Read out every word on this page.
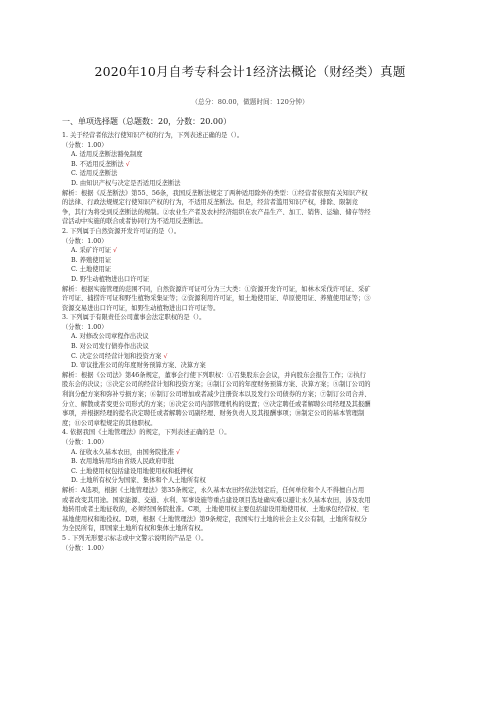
2020年10月自考专科会计1经济法概论（财经类）真题
（总分：80.00，做题时间：120分钟）
一、单项选择题（总题数：20，分数：20.00）
1. 关于经营者依法行使知识产权的行为，下列表述正确的是（）。
（分数：1.00）
A. 适用反垄断法豁免制度
B. 不适用反垄断法 √
C. 适用反垄断法
D. 由知识产权与决定是否适用反垄断法
解析：根据《反垄断法》第55、56条，我国反垄断法规定了两种适用除外的类型：①经营者依照有关知识产权
的法律、行政法规规定行使知识产权的行为，不适用反垄断法。但是，经营者滥用知识产权，排除、限制竞
争，其行为将受到反垄断法的规制。②农业生产者及农村经济组织在农产品生产、加工、销售、运输、储存等经
营活动中实施的联合或者协同行为不适用反垄断法。
2. 下列属于自然资源开发许可证的是（）。
（分数：1.00）
A. 采矿许可证 √
B. 养殖使用证
C. 土地使用证
D. 野生动植物进出口许可证
解析：根据实施管理的范围不同，自然资源许可证可分为三大类：①资源开发许可证，如林木采伐许可证、采矿
许可证、捕捞许可证和野生植物采集证等；②资源利用许可证，如土地使用证、草原使用证、养殖使用证等；③
资源交易进出口许可证，如野生动植物进出口许可证等。
3. 下列属于有限责任公司董事会法定职权的是（）。
（分数：1.00）
A. 对修改公司章程作出决议
B. 对公司发行债券作出决议
C. 决定公司经营计划和投资方案 √
D. 审议批准公司的年度财务预算方案、决算方案
解析：根据《公司法》第46条规定，董事会行使下列职权：①召集股东会会议，并向股东会报告工作；②执行
股东会的决议；③决定公司的经营计划和投资方案；④制订公司的年度财务预算方案、决算方案；⑤制订公司的
利润分配方案和弥补亏损方案；⑥制订公司增加或者减少注册资本以及发行公司债券的方案；⑦制订公司合并、
分立、解散或者变更公司形式的方案；⑧决定公司内部管理机构的设置；⑨决定聘任或者解聘公司经理及其报酬
事项，并根据经理的提名决定聘任或者解聘公司副经理、财务负责人及其报酬事项；⑩制定公司的基本管理制
度；⑪公司章程规定的其他职权。
4. 依据我国《土地管理法》的规定，下列表述正确的是（）。
（分数：1.00）
A. 征收永久基本农田，由国务院批准 √
B. 农用地转用均由省级人民政府审批
C. 土地使用权包括建设用地使用权和抵押权
D. 土地所有权分为国家、集体和个人土地所有权
解析：A选项，根据《土地管理法》第35条规定，永久基本农田经依法划定后，任何单位和个人不得擅自占用
或者改变其用途。国家能源、交通、水利、军事设施等重点建设项目选址确实难以避让永久基本农田，涉及农用
地转用或者土地征收的，必须经国务院批准。C项，土地使用权主要包括建设用地使用权、土地承包经营权、宅
基地使用权和地役权。D项，根据《土地管理法》第9条规定，我国实行土地的社会主义公有制，土地所有权分
为全民所有，即国家土地所有权和集体土地所有权。
5 . 下列无形要示标志或中文警示说明的产品是（）。
（分数：1.00）
